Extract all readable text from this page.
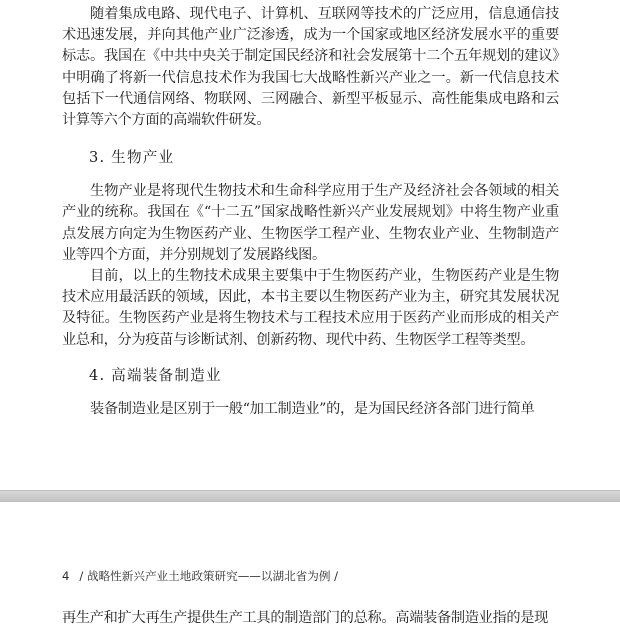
随着集成电路、现代电子、计算机、互联网等技术的广泛应用，信息通信技术迅速发展，并向其他产业广泛渗透，成为一个国家或地区经济发展水平的重要标志。我国在《中共中央关于制定国民经济和社会发展第十二个五年规划的建议》中明确了将新一代信息技术作为我国七大战略性新兴产业之一。新一代信息技术包括下一代通信网络、物联网、三网融合、新型平板显示、高性能集成电路和云计算等六个方面的高端软件研发。

3. 生物产业

生物产业是将现代生物技术和生命科学应用于生产及经济社会各领域的相关产业的统称。我国在《“十二五”国家战略性新兴产业发展规划》中将生物产业重点发展方向定为生物医药产业、生物医学工程产业、生物农业产业、生物制造产业等四个方面，并分别规划了发展路线图。

目前，以上的生物技术成果主要集中于生物医药产业，生物医药产业是生物技术应用最活跃的领域，因此，本书主要以生物医药产业为主，研究其发展状况及特征。生物医药产业是将生物技术与工程技术应用于医药产业而形成的相关产业总和，分为疫苗与诊断试剂、创新药物、现代中药、生物医学工程等类型。

4. 高端装备制造业

装备制造业是区别于一般“加工制造业”的，是为国民经济各部门进行简单

4 / 战略性新兴产业土地政策研究——以湖北省为例 /

再生产和扩大再生产提供生产工具的制造部门的总称。高端装备制造业指的是现
